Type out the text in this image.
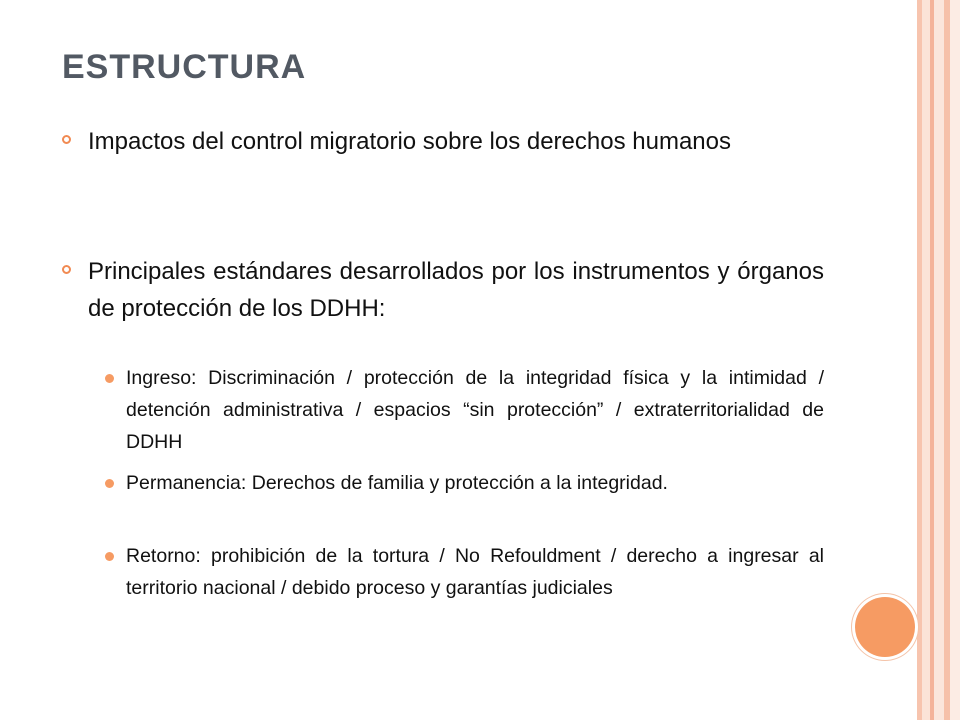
ESTRUCTURA
Impactos del control migratorio sobre los derechos humanos
Principales estándares desarrollados por los instrumentos y órganos de protección de los DDHH:
Ingreso: Discriminación / protección de la integridad física y la intimidad / detención administrativa / espacios “sin protección” / extraterritorialidad de DDHH
Permanencia: Derechos de familia y protección a la integridad.
Retorno: prohibición de la tortura / No Refouldment / derecho a ingresar al territorio nacional / debido proceso y garantías judiciales
